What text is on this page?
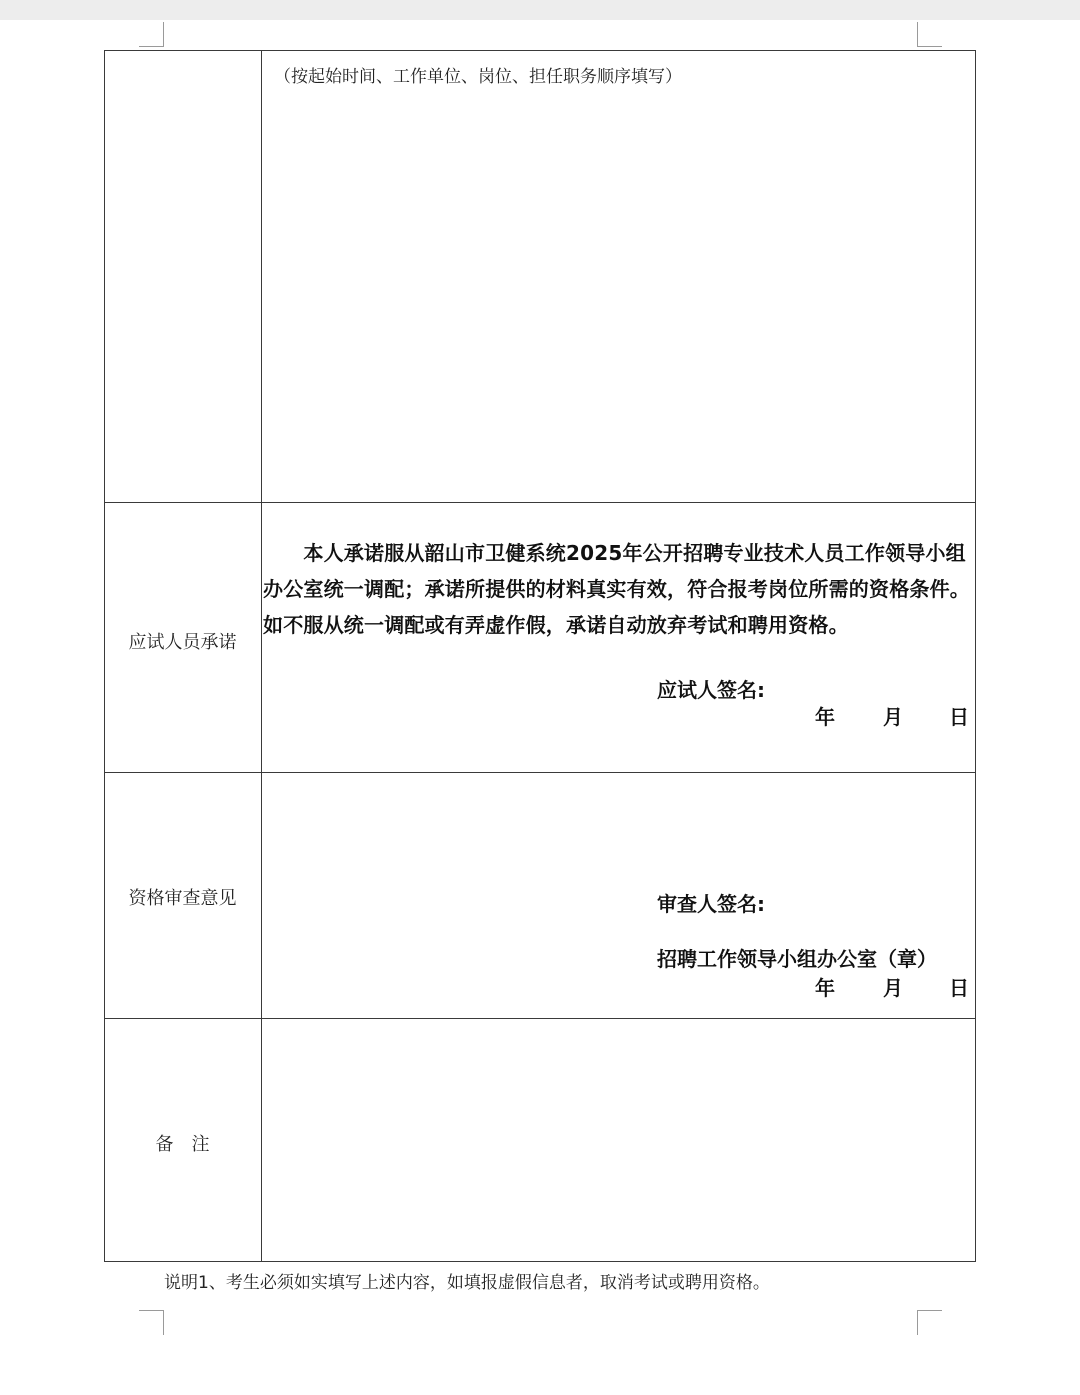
（按起始时间、工作单位、岗位、担任职务顺序填写）
应试人员承诺

　　本人承诺服从韶山市卫健系统2025年公开招聘专业技术人员工作领导小组办公室统一调配；承诺所提供的材料真实有效，符合报考岗位所需的资格条件。如不服从统一调配或有弄虚作假，承诺自动放弃考试和聘用资格。

应试人签名:
年 月 日
资格审查意见	审查人签名:
招聘工作领导小组办公室（章）
年 月 日
备　注
说明1、考生必须如实填写上述内容，如填报虚假信息者，取消考试或聘用资格。
